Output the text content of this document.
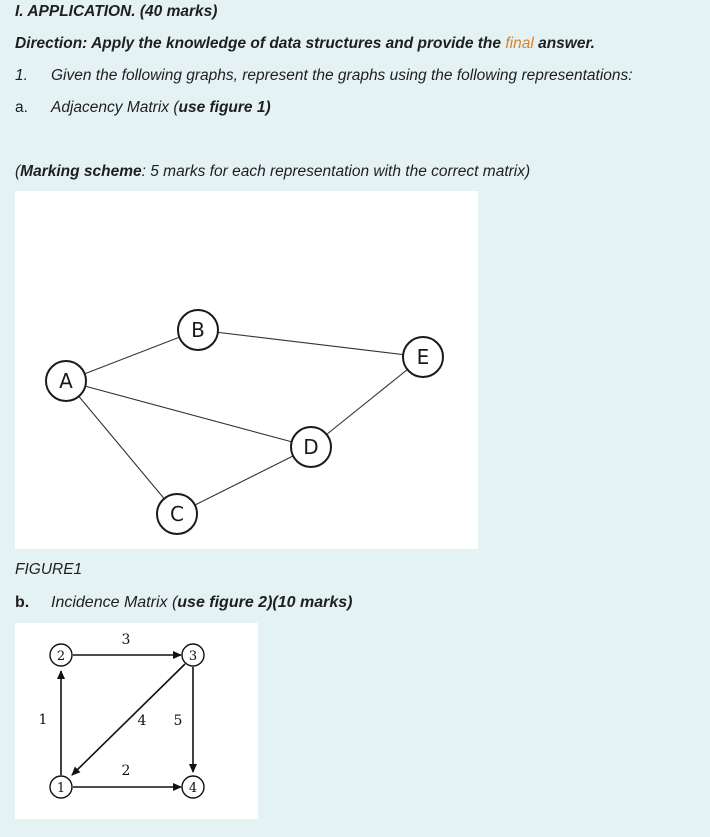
I. APPLICATION. (40 marks)
Direction: Apply the knowledge of data structures and provide the final answer.
1. Given the following graphs, represent the graphs using the following representations:
a. Adjacency Matrix (use figure 1)
(Marking scheme: 5 marks for each representation with the correct matrix)
A
B
C
D
E
FIGURE1
b. Incidence Matrix (use figure 2)(10 marks)
1
2	3
4
1
2
3
4 5
